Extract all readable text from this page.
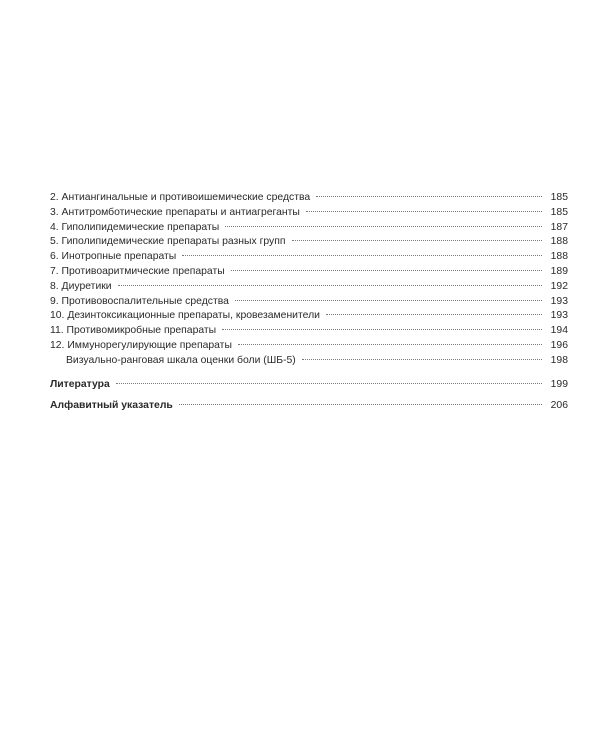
2. Антиангинальные и противоишемические средства	185
3. Антитромботические препараты и антиагреганты	185
4. Гиполипидемические препараты	187
5. Гиполипидемические препараты разных групп	188
6. Инотропные препараты	188
7. Противоаритмические препараты	189
8. Диуретики	192
9. Противовоспалительные средства	193
10. Дезинтоксикационные препараты, кровезаменители	193
11. Противомикробные препараты	194
12. Иммунорегулирующие препараты	196
Визуально-ранговая шкала оценки боли (ШБ-5)	198
Литература	199
Алфавитный указатель	206
